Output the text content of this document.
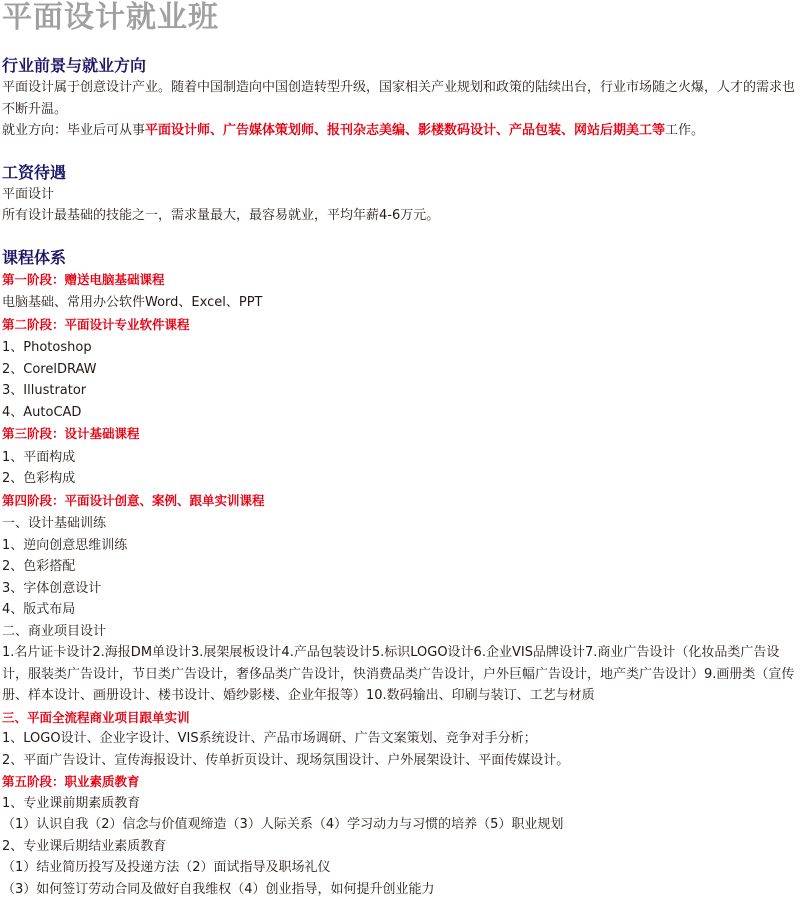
平面设计就业班
行业前景与就业方向

平面设计属于创意设计产业。随着中国制造向中国创造转型升级，国家相关产业规划和政策的陆续出台，行业市场随之火爆，人才的需求也不断升温。

就业方向：毕业后可从事平面设计师、广告媒体策划师、报刊杂志美编、影楼数码设计、产品包装、网站后期美工等工作。

工资待遇

平面设计

所有设计最基础的技能之一，需求量最大，最容易就业，平均年薪4-6万元。

课程体系

第一阶段：赠送电脑基础课程

电脑基础、常用办公软件Word、Excel、PPT

第二阶段：平面设计专业软件课程

1、Photoshop

2、CorelDRAW

3、Illustrator

4、AutoCAD

第三阶段：设计基础课程

1、平面构成

2、色彩构成

第四阶段：平面设计创意、案例、跟单实训课程

一、设计基础训练

1、逆向创意思维训练

2、色彩搭配

3、字体创意设计

4、版式布局

二、商业项目设计

1.名片证卡设计2.海报DM单设计3.展架展板设计4.产品包装设计5.标识LOGO设计6.企业VIS品牌设计7.商业广告设计（化妆品类广告设计，服装类广告设计，节日类广告设计，奢侈品类广告设计，快消费品类广告设计，户外巨幅广告设计，地产类广告设计）9.画册类（宣传册、样本设计、画册设计、楼书设计、婚纱影楼、企业年报等）10.数码输出、印刷与装订、工艺与材质

三、平面全流程商业项目跟单实训

1、LOGO设计、企业字设计、VIS系统设计、产品市场调研、广告文案策划、竞争对手分析；

2、平面广告设计、宣传海报设计、传单折页设计、现场氛围设计、户外展架设计、平面传媒设计。

第五阶段：职业素质教育

1、专业课前期素质教育

（1）认识自我（2）信念与价值观缔造（3）人际关系（4）学习动力与习惯的培养（5）职业规划

2、专业课后期结业素质教育

（1）结业简历投写及投递方法（2）面试指导及职场礼仪

（3）如何签订劳动合同及做好自我维权（4）创业指导，如何提升创业能力
